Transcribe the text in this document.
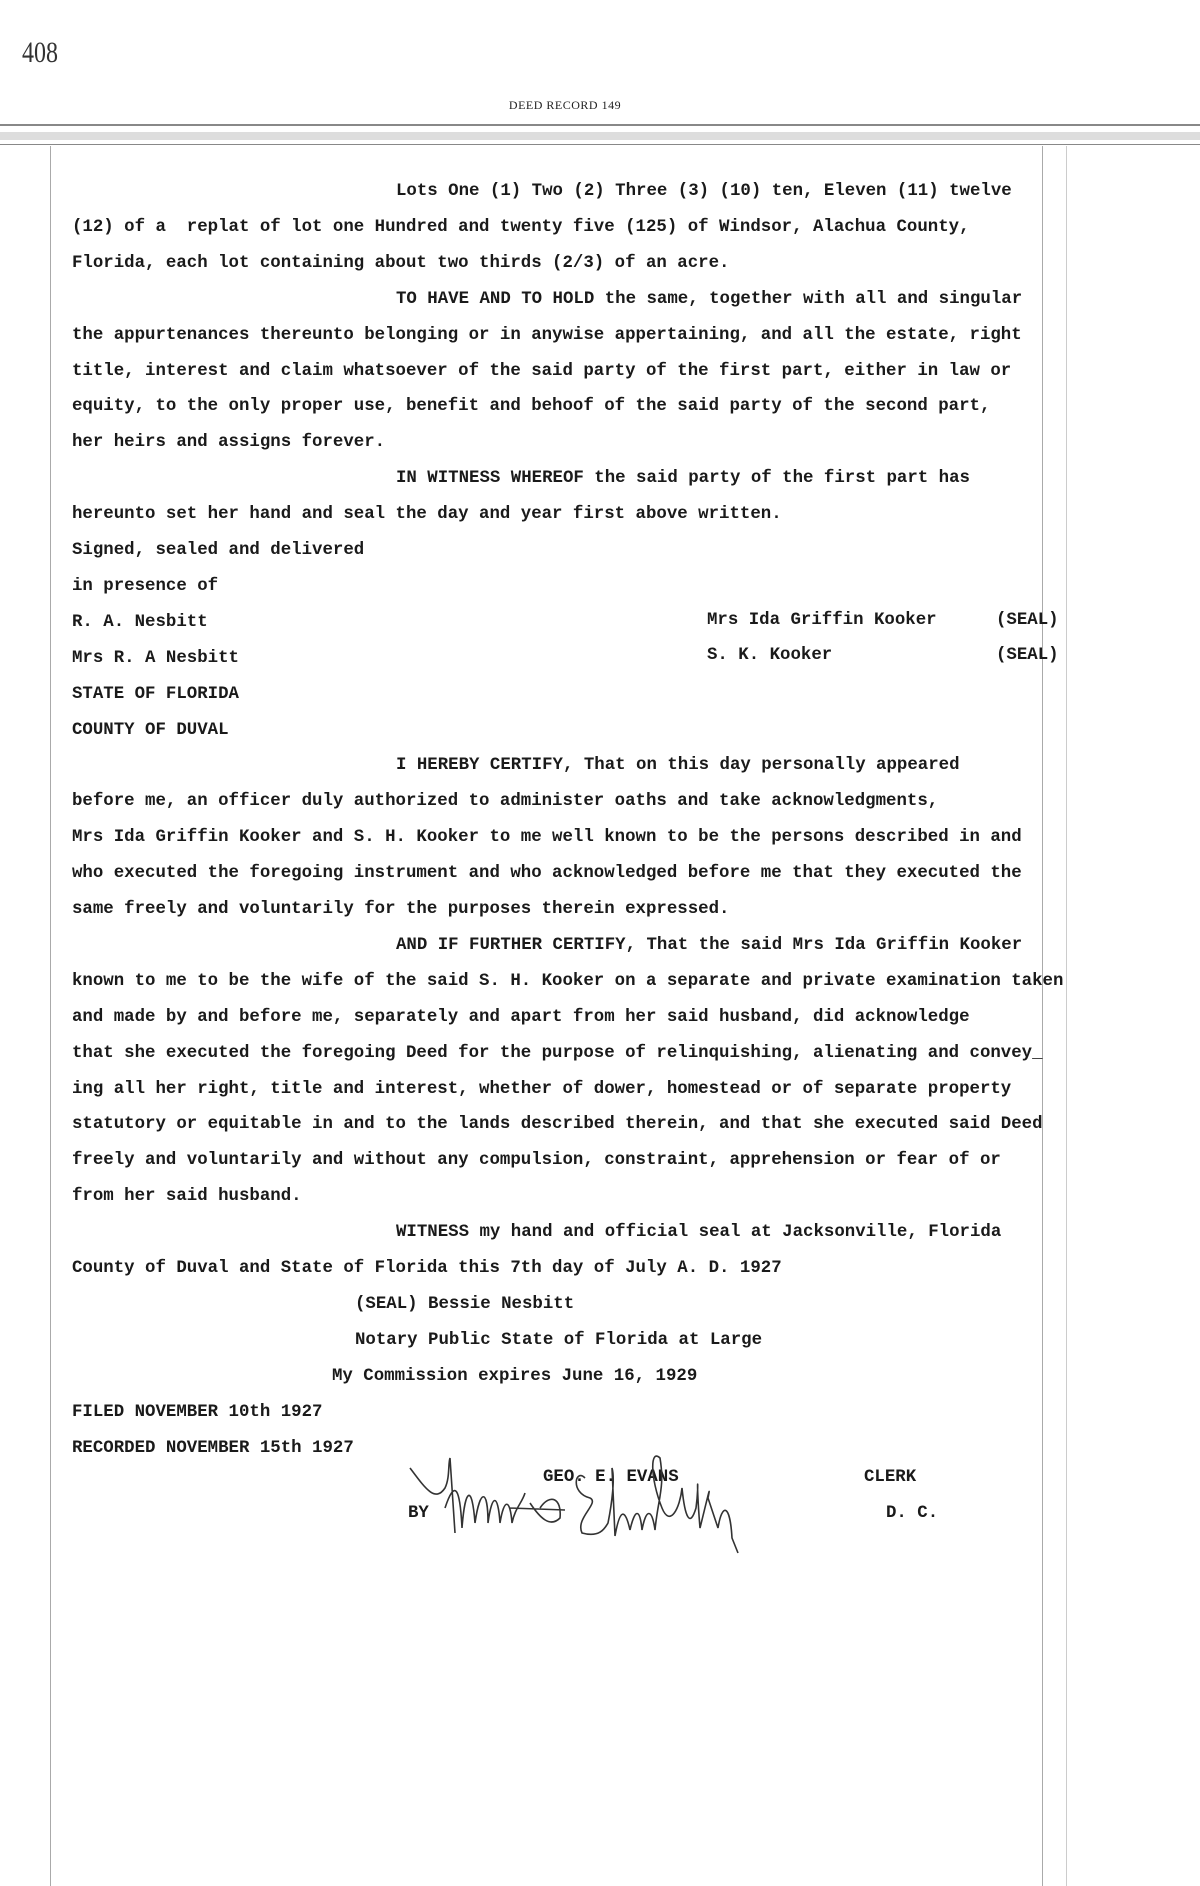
408
DEED RECORD 149
Lots One (1) Two (2) Three (3) (10) ten, Eleven (11) twelve
(12) of a  replat of lot one Hundred and twenty five (125) of Windsor, Alachua County,
Florida, each lot containing about two thirds (2/3) of an acre.
TO HAVE AND TO HOLD the same, together with all and singular
the appurtenances thereunto belonging or in anywise appertaining, and all the estate, right
title, interest and claim whatsoever of the said party of the first part, either in law or
equity, to the only proper use, benefit and behoof of the said party of the second part,
her heirs and assigns forever.
IN WITNESS WHEREOF the said party of the first part has
hereunto set her hand and seal the day and year first above written.
Signed, sealed and delivered
in presence of
R. A. Nesbitt
Mrs R. A Nesbitt
STATE OF FLORIDA
COUNTY OF DUVAL
I HEREBY CERTIFY, That on this day personally appeared
before me, an officer duly authorized to administer oaths and take acknowledgments,
Mrs Ida Griffin Kooker and S. H. Kooker to me well known to be the persons described in and
who executed the foregoing instrument and who acknowledged before me that they executed the
same freely and voluntarily for the purposes therein expressed.
AND IF FURTHER CERTIFY, That the said Mrs Ida Griffin Kooker
known to me to be the wife of the said S. H. Kooker on a separate and private examination taken
and made by and before me, separately and apart from her said husband, did acknowledge
that she executed the foregoing Deed for the purpose of relinquishing, alienating and convey_
ing all her right, title and interest, whether of dower, homestead or of separate property
statutory or equitable in and to the lands described therein, and that she executed said Deed
freely and voluntarily and without any compulsion, constraint, apprehension or fear of or
from her said husband.
WITNESS my hand and official seal at Jacksonville, Florida
County of Duval and State of Florida this 7th day of July A. D. 1927
(SEAL) Bessie Nesbitt
Notary Public State of Florida at Large
My Commission expires June 16, 1929
FILED NOVEMBER 10th 1927
RECORDED NOVEMBER 15th 1927
Mrs Ida Griffin Kooker	(SEAL)
S. K. Kooker	(SEAL)
GEO. E. EVANS	CLERK
BY	D. C.
